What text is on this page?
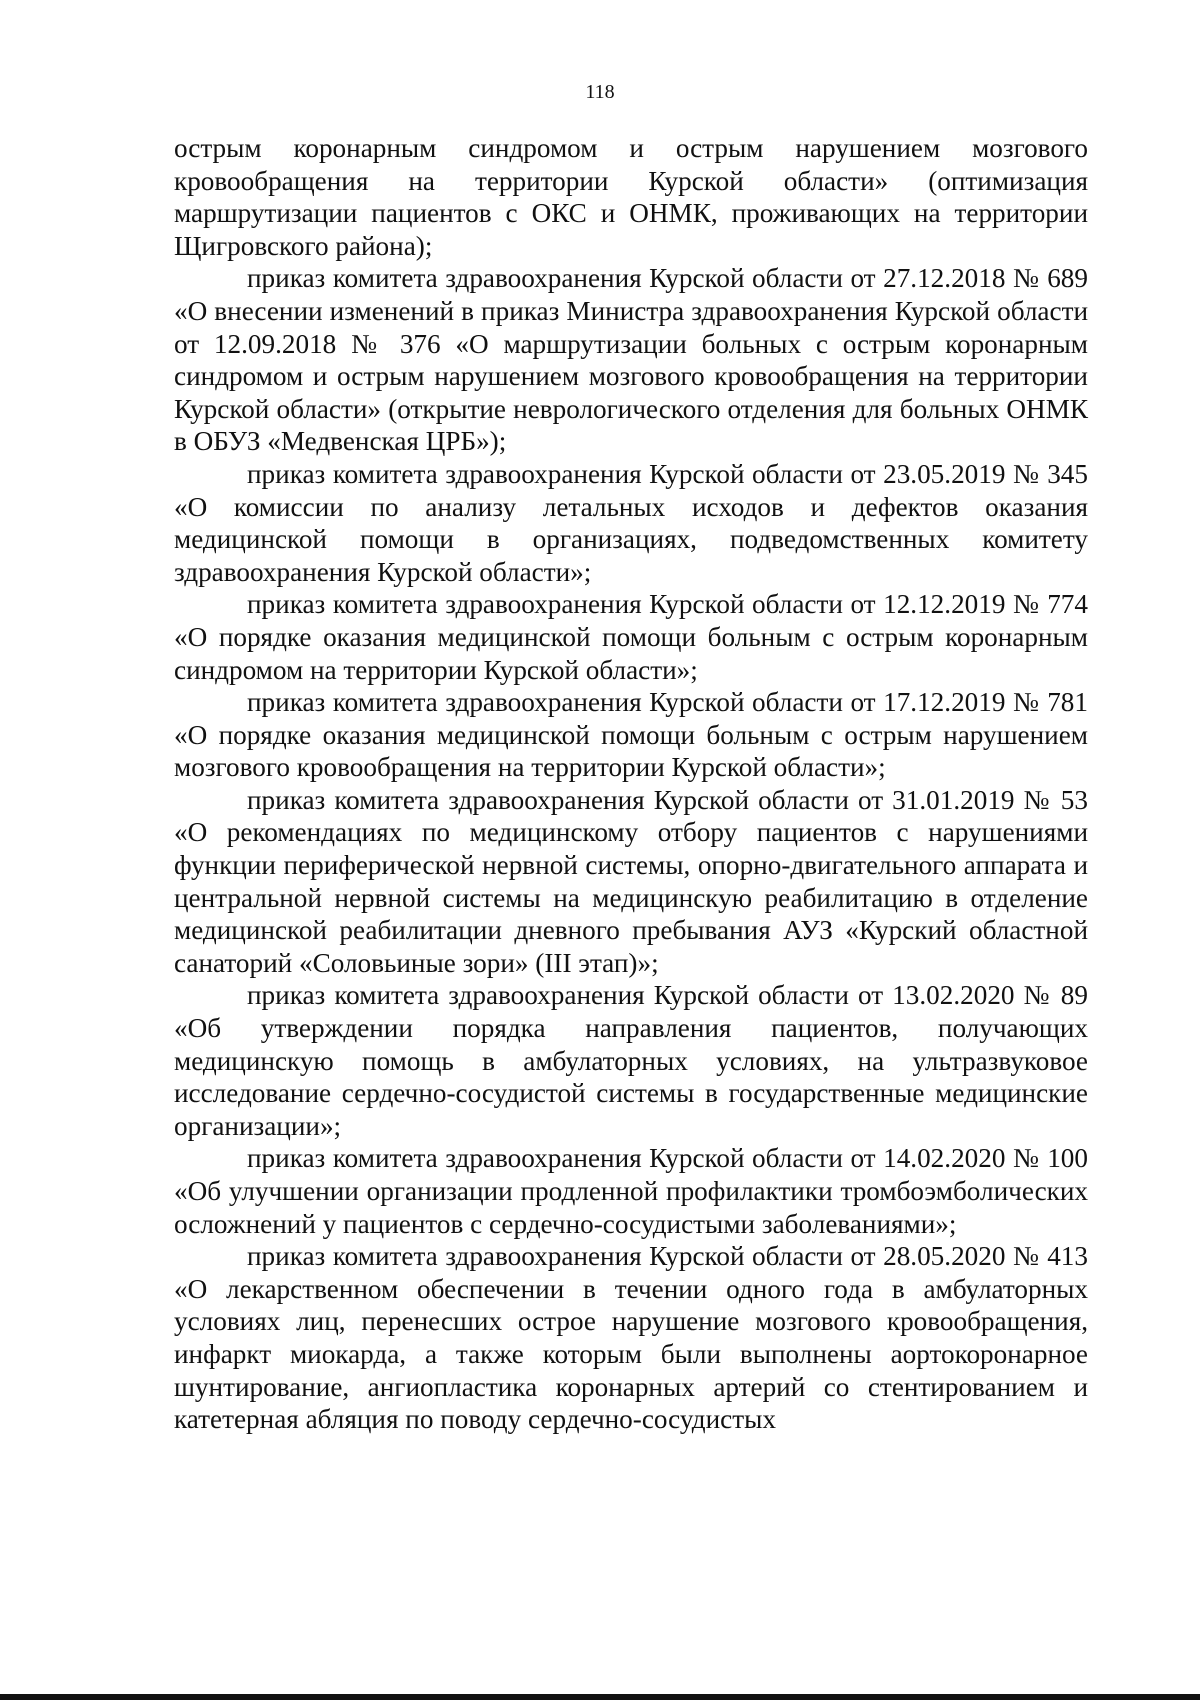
118

острым коронарным синдромом и острым нарушением мозгового кровообращения на территории Курской области» (оптимизация маршрутизации пациентов с ОКС и ОНМК, проживающих на территории Щигровского района);

приказ комитета здравоохранения Курской области от 27.12.2018 № 689 «О внесении изменений в приказ Министра здравоохранения Курской области от 12.09.2018 № 376 «О маршрутизации больных с острым коронарным синдромом и острым нарушением мозгового кровообращения на территории Курской области» (открытие неврологического отделения для больных ОНМК в ОБУЗ «Медвенская ЦРБ»);

приказ комитета здравоохранения Курской области от 23.05.2019 № 345 «О комиссии по анализу летальных исходов и дефектов оказания медицинской помощи в организациях, подведомственных комитету здравоохранения Курской области»;

приказ комитета здравоохранения Курской области от 12.12.2019 № 774 «О порядке оказания медицинской помощи больным с острым коронарным синдромом на территории Курской области»;

приказ комитета здравоохранения Курской области от 17.12.2019 № 781 «О порядке оказания медицинской помощи больным с острым нарушением мозгового кровообращения на территории Курской области»;

приказ комитета здравоохранения Курской области от 31.01.2019 № 53 «О рекомендациях по медицинскому отбору пациентов с нарушениями функции периферической нервной системы, опорно-двигательного аппарата и центральной нервной системы на медицинскую реабилитацию в отделение медицинской реабилитации дневного пребывания АУЗ «Курский областной санаторий «Соловьиные зори» (III этап)»;

приказ комитета здравоохранения Курской области от 13.02.2020 № 89 «Об утверждении порядка направления пациентов, получающих медицинскую помощь в амбулаторных условиях, на ультразвуковое исследование сердечно-сосудистой системы в государственные медицинские организации»;

приказ комитета здравоохранения Курской области от 14.02.2020 № 100 «Об улучшении организации продленной профилактики тромбоэмболических осложнений у пациентов с сердечно-сосудистыми заболеваниями»;

приказ комитета здравоохранения Курской области от 28.05.2020 № 413 «О лекарственном обеспечении в течении одного года в амбулаторных условиях лиц, перенесших острое нарушение мозгового кровообращения, инфаркт миокарда, а также которым были выполнены аортокоронарное шунтирование, ангиопластика коронарных артерий со стентированием и катетерная абляция по поводу сердечно-сосудистых
